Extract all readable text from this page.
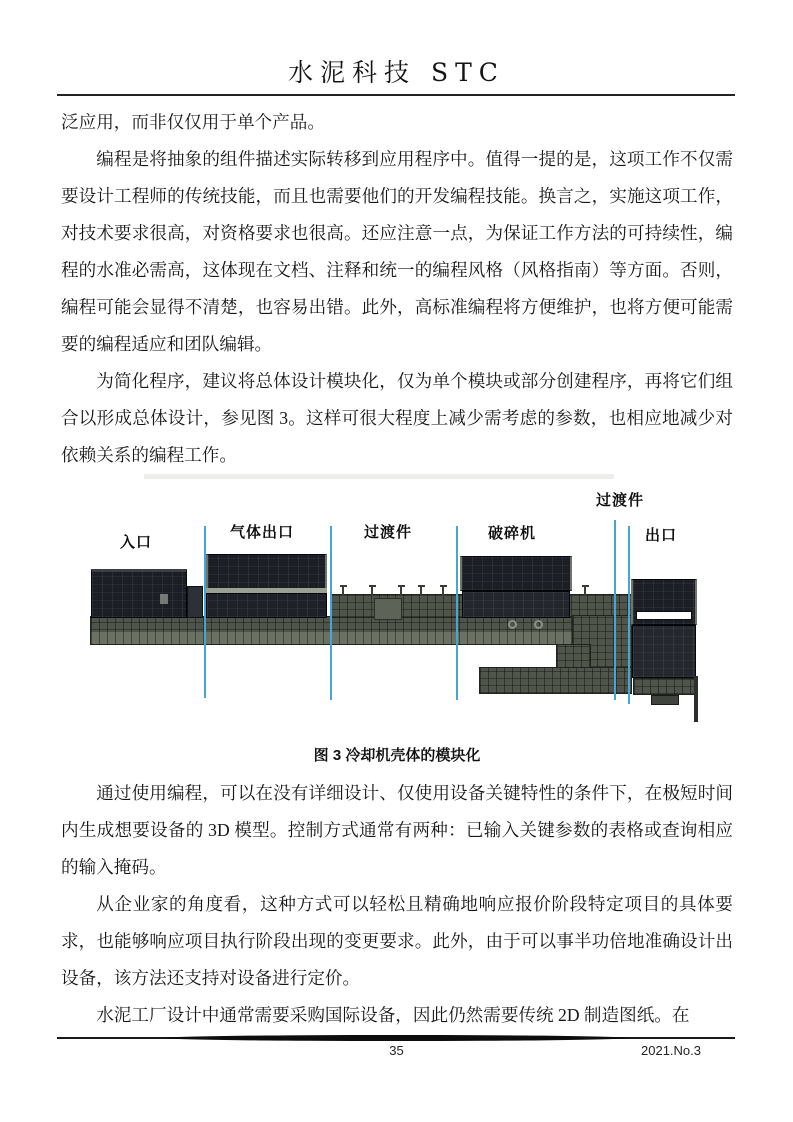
水泥科技 STC

泛应用，而非仅仅用于单个产品。

编程是将抽象的组件描述实际转移到应用程序中。值得一提的是，这项工作不仅需要设计工程师的传统技能，而且也需要他们的开发编程技能。换言之，实施这项工作，对技术要求很高，对资格要求也很高。还应注意一点，为保证工作方法的可持续性，编程的水准必需高，这体现在文档、注释和统一的编程风格（风格指南）等方面。否则，编程可能会显得不清楚，也容易出错。此外，高标准编程将方便维护，也将方便可能需要的编程适应和团队编辑。

为简化程序，建议将总体设计模块化，仅为单个模块或部分创建程序，再将它们组合以形成总体设计，参见图 3。这样可很大程度上减少需考虑的参数，也相应地减少对依赖关系的编程工作。

入口
气体出口	过渡件	破碎机
过渡件
出口
图 3 冷却机壳体的模块化

通过使用编程，可以在没有详细设计、仅使用设备关键特性的条件下，在极短时间内生成想要设备的 3D 模型。控制方式通常有两种：已输入关键参数的表格或查询相应的输入掩码。

从企业家的角度看，这种方式可以轻松且精确地响应报价阶段特定项目的具体要求，也能够响应项目执行阶段出现的变更要求。此外，由于可以事半功倍地准确设计出设备，该方法还支持对设备进行定价。

水泥工厂设计中通常需要采购国际设备，因此仍然需要传统 2D 制造图纸。在

35	2021.No.3
